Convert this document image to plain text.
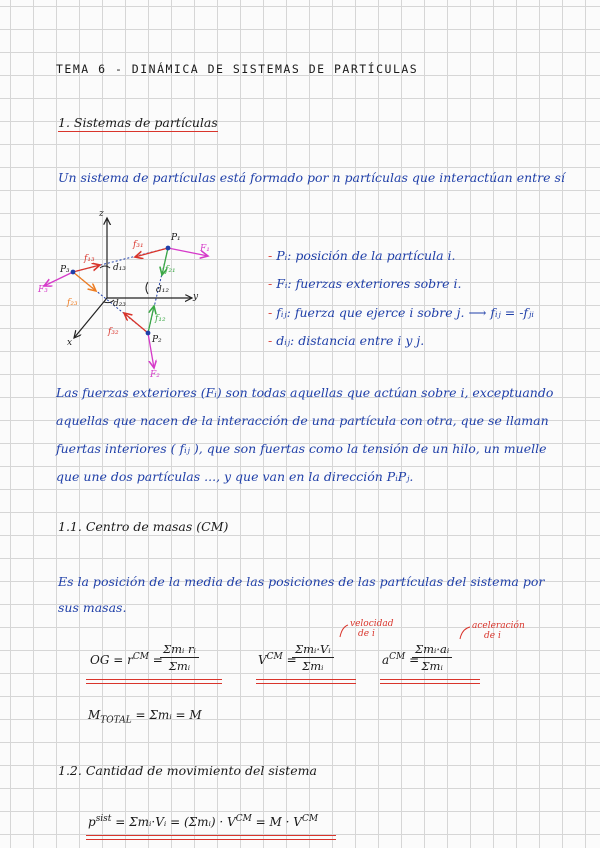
TEMA 6 - DINÁMICA DE SISTEMAS DE PARTÍCULAS
1. Sistemas de partículas
Un sistema de partículas está formado por n partículas que interactúan entre sí
z
y
x
P₁
P₂
P₃
F₁
F₂
F₃
f₃₁
f₁₃
f₂₁
f₁₂
f₂₃
f₃₂
d₁₃
d₁₂
d₂₃
- Pᵢ: posición de la partícula i.
- Fᵢ: fuerzas exteriores sobre i.
- fᵢⱼ: fuerza que ejerce i sobre j. ⟶ fᵢⱼ = -fⱼᵢ
- dᵢⱼ: distancia entre i y j.
Las fuerzas exteriores (Fᵢ) son todas aquellas que actúan sobre i, exceptuando
aquellas que nacen de la interacción de una partícula con otra, que se llaman
fuertas interiores ( fᵢⱼ ), que son fuertas como la tensión de un hilo, un muelle
que une dos partículas ..., y que van en la dirección PᵢPⱼ.
1.1. Centro de masas (CM)
Es la posición de la media de las posiciones de las partículas del sistema por
sus masas.
OG = $r^{CM}$ =
Σmᵢ rᵢ
Σmᵢ	$V^{CM}$ =
Σmᵢ·Vᵢ
Σmᵢ
velocidad
de i
$a^{CM}$ =
Σmᵢ·aᵢ
Σmᵢ
aceleración
de i
$M_{TOTAL}$ = Σmᵢ = M
1.2. Cantidad de movimiento del sistema
$p^{sist}$ = Σmᵢ·Vᵢ = (Σmᵢ) · $V^{CM} = M \cdot V^{CM}$
